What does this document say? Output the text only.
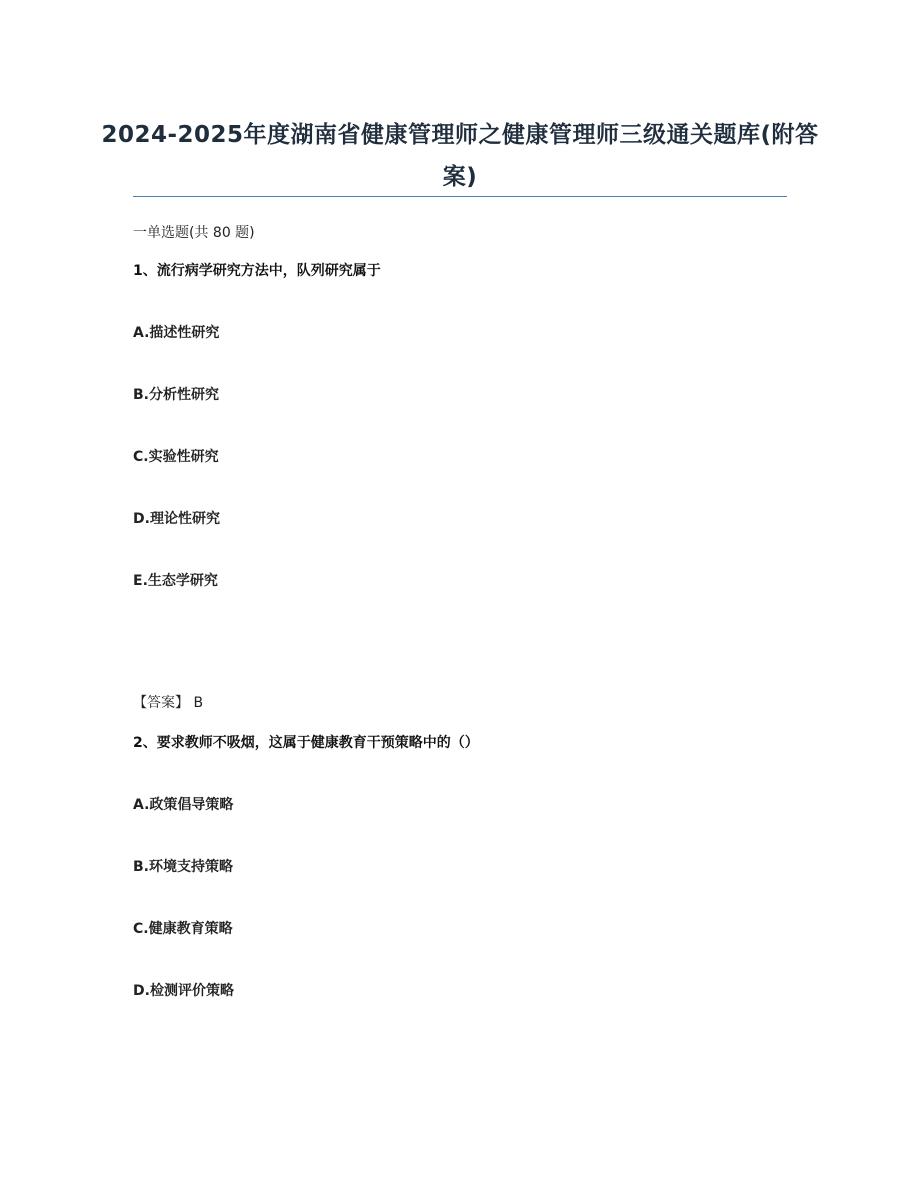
2024-2025年度湖南省健康管理师之健康管理师三级通关题库(附答案)
一单选题(共 80 题)
1、流行病学研究方法中，队列研究属于
A.描述性研究
B.分析性研究
C.实验性研究
D.理论性研究
E.生态学研究
【答案】 B
2、要求教师不吸烟，这属于健康教育干预策略中的（）
A.政策倡导策略
B.环境支持策略
C.健康教育策略
D.检测评价策略
